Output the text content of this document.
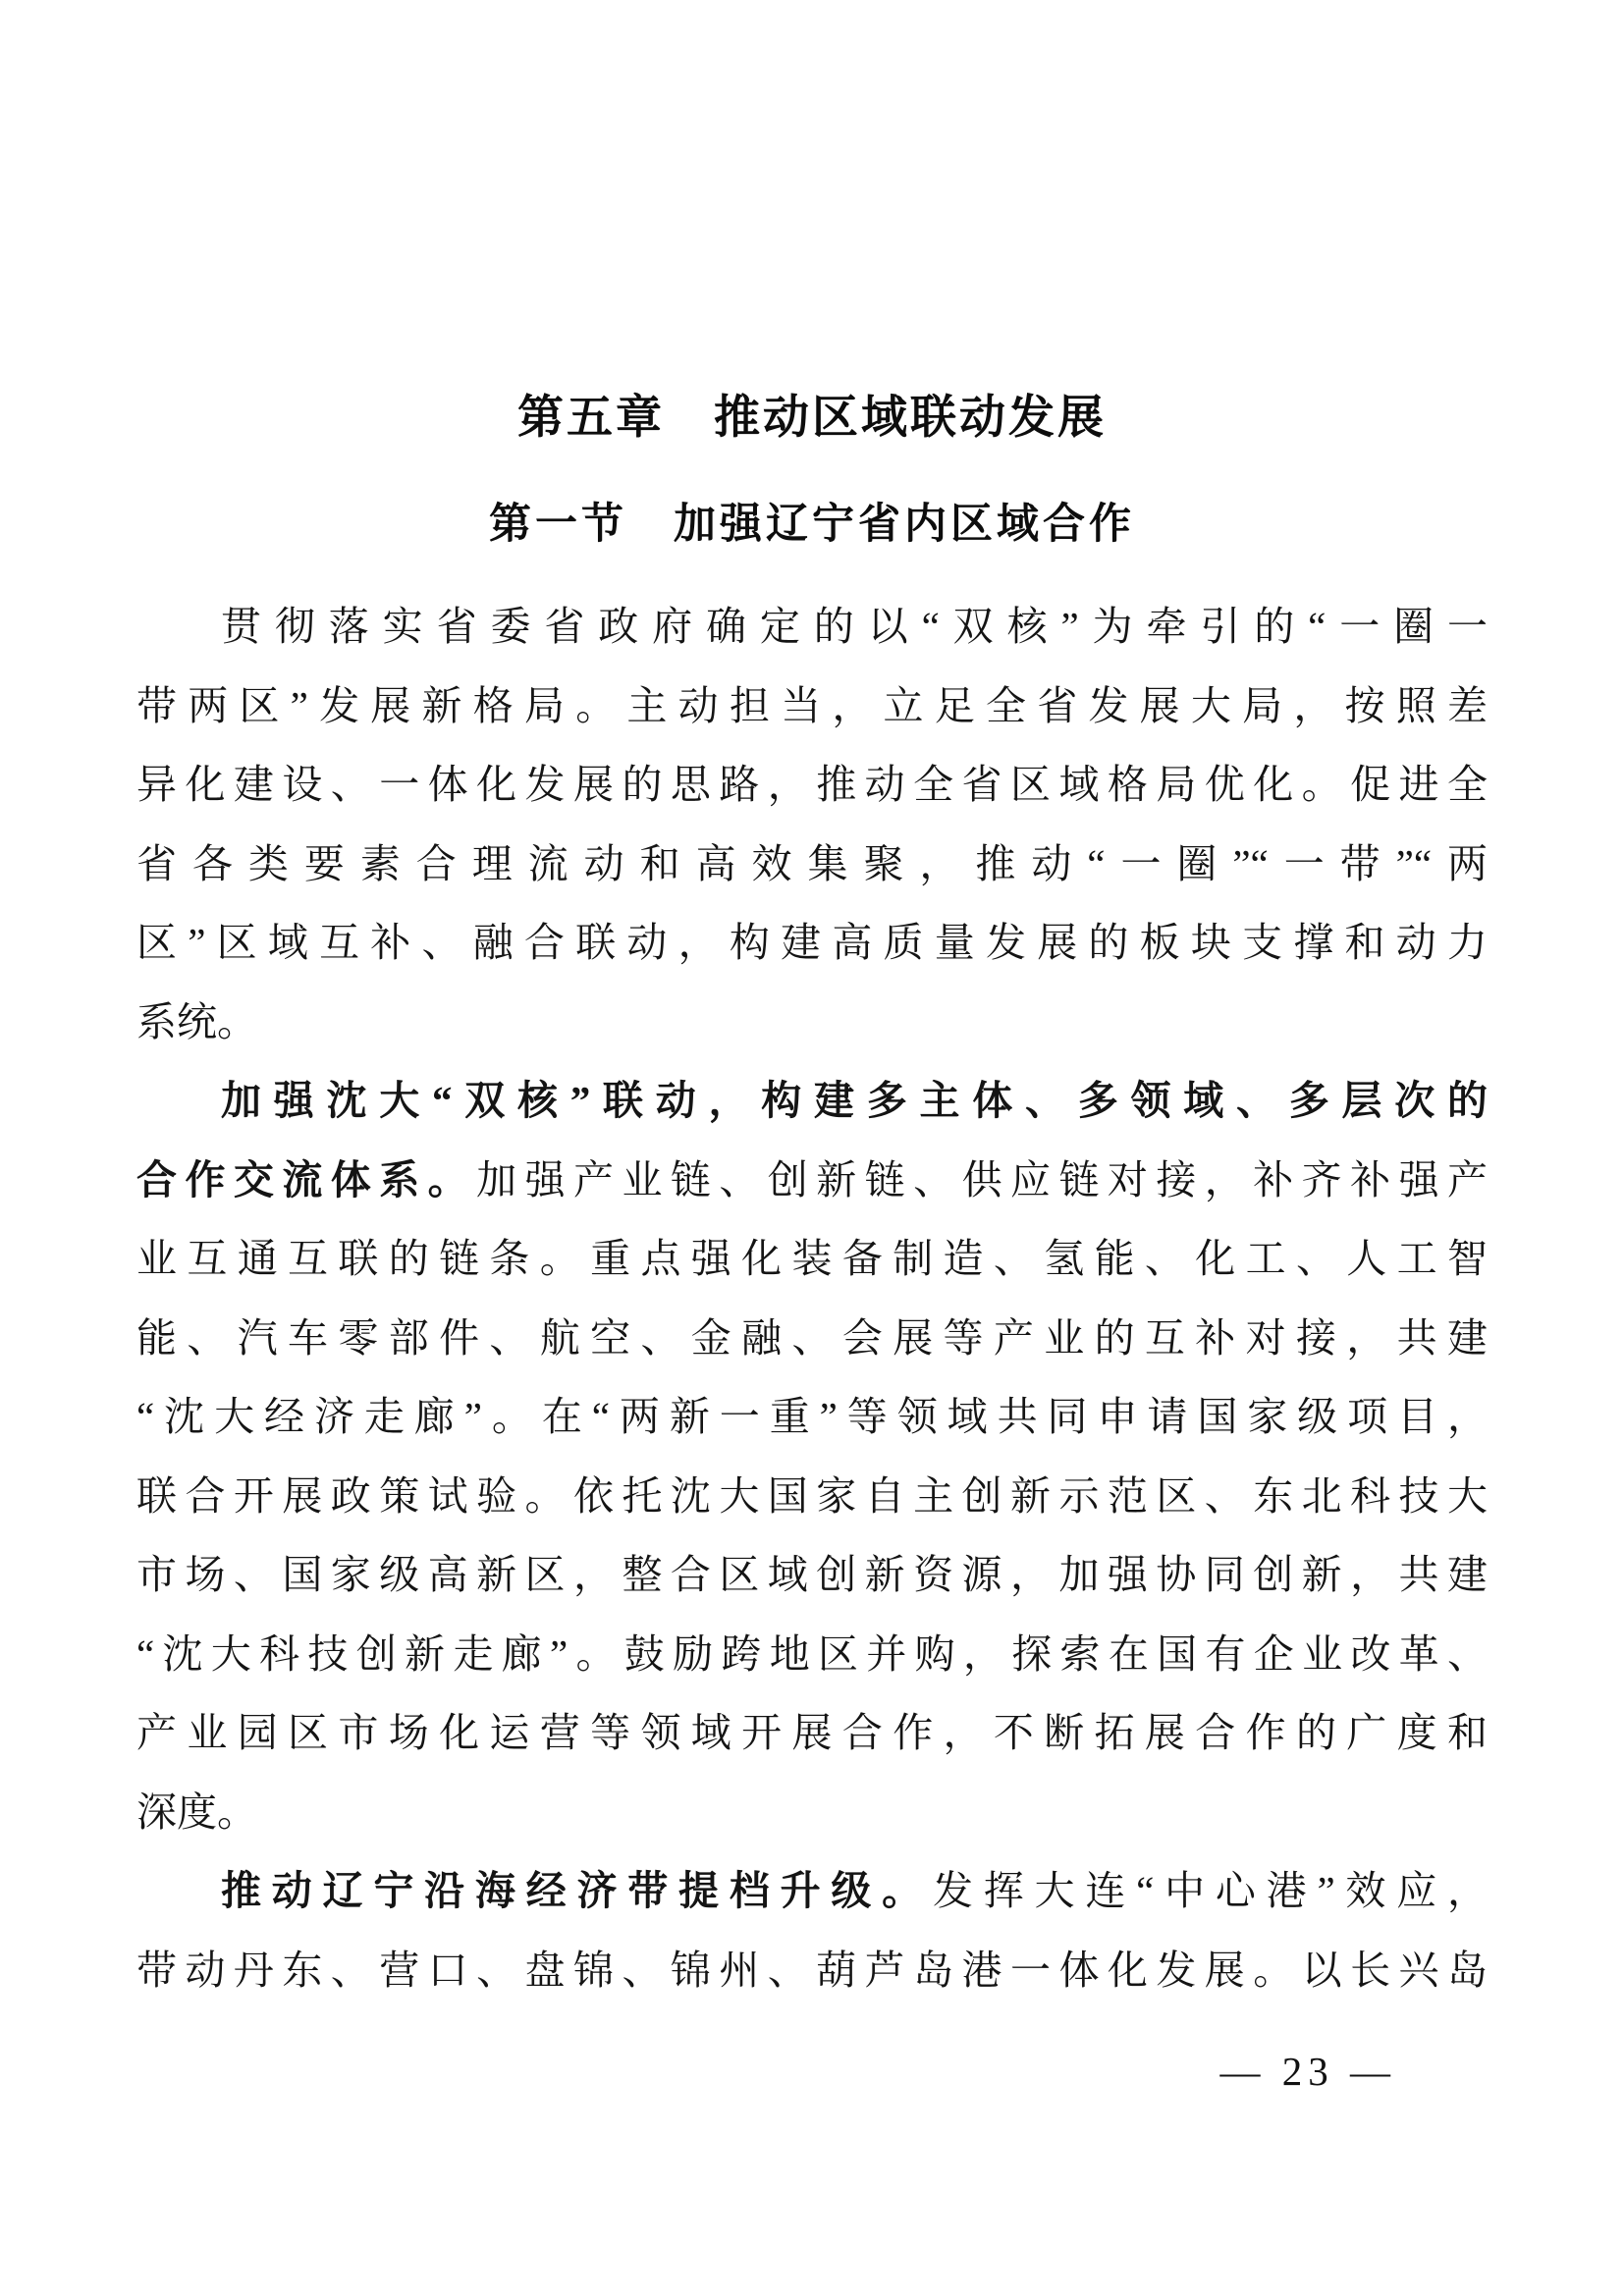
第五章　推动区域联动发展
第一节　加强辽宁省内区域合作
贯彻落实省委省政府确定的以“双核”为牵引的“一圈一
带两区”发展新格局。主动担当，立足全省发展大局，按照差
异化建设、一体化发展的思路，推动全省区域格局优化。促进全
省各类要素合理流动和高效集聚，推动“一圈”“一带”“两
区”区域互补、融合联动，构建高质量发展的板块支撑和动力
系统。
加强沈大“双核”联动，构建多主体、多领域、多层次的
合作交流体系。加强产业链、创新链、供应链对接，补齐补强产
业互通互联的链条。重点强化装备制造、氢能、化工、人工智
能、汽车零部件、航空、金融、会展等产业的互补对接，共建
“沈大经济走廊”。在“两新一重”等领域共同申请国家级项目，
联合开展政策试验。依托沈大国家自主创新示范区、东北科技大
市场、国家级高新区，整合区域创新资源，加强协同创新，共建
“沈大科技创新走廊”。鼓励跨地区并购，探索在国有企业改革、
产业园区市场化运营等领域开展合作，不断拓展合作的广度和
深度。
推动辽宁沿海经济带提档升级。发挥大连“中心港”效应，
带动丹东、营口、盘锦、锦州、葫芦岛港一体化发展。以长兴岛
— 23 —
